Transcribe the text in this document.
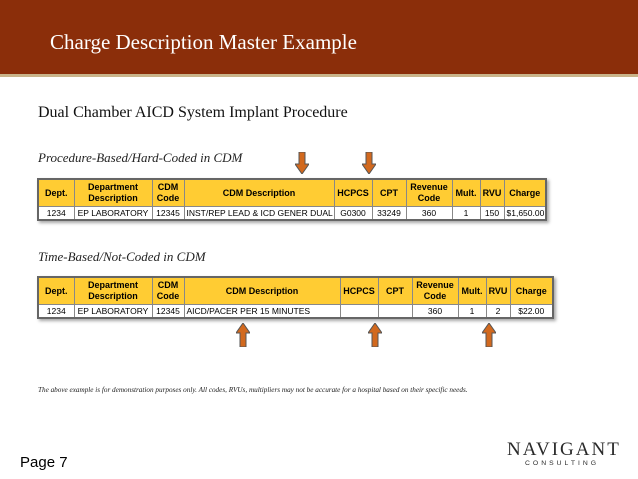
Charge Description Master Example
Dual Chamber AICD System Implant Procedure
Procedure-Based/Hard-Coded in CDM
Dept.	Department Description	CDM Code	CDM Description	HCPCS	CPT	Revenue Code	Mult.	RVU	Charge
1234	EP LABORATORY	12345	INST/REP LEAD & ICD GENER DUAL	G0300	33249	360	1	150	$1,650.00
Time-Based/Not-Coded in CDM
Dept.	Department Description	CDM Code	CDM Description	HCPCS	CPT	Revenue Code	Mult.	RVU	Charge
1234	EP LABORATORY	12345	AICD/PACER PER 15 MINUTES			360	1	2	$22.00
The above example is for demonstration purposes only. All codes, RVUs, multipliers may not be accurate for a hospital based on their specific needs.
Page 7
NAVIGANT
CONSULTING
